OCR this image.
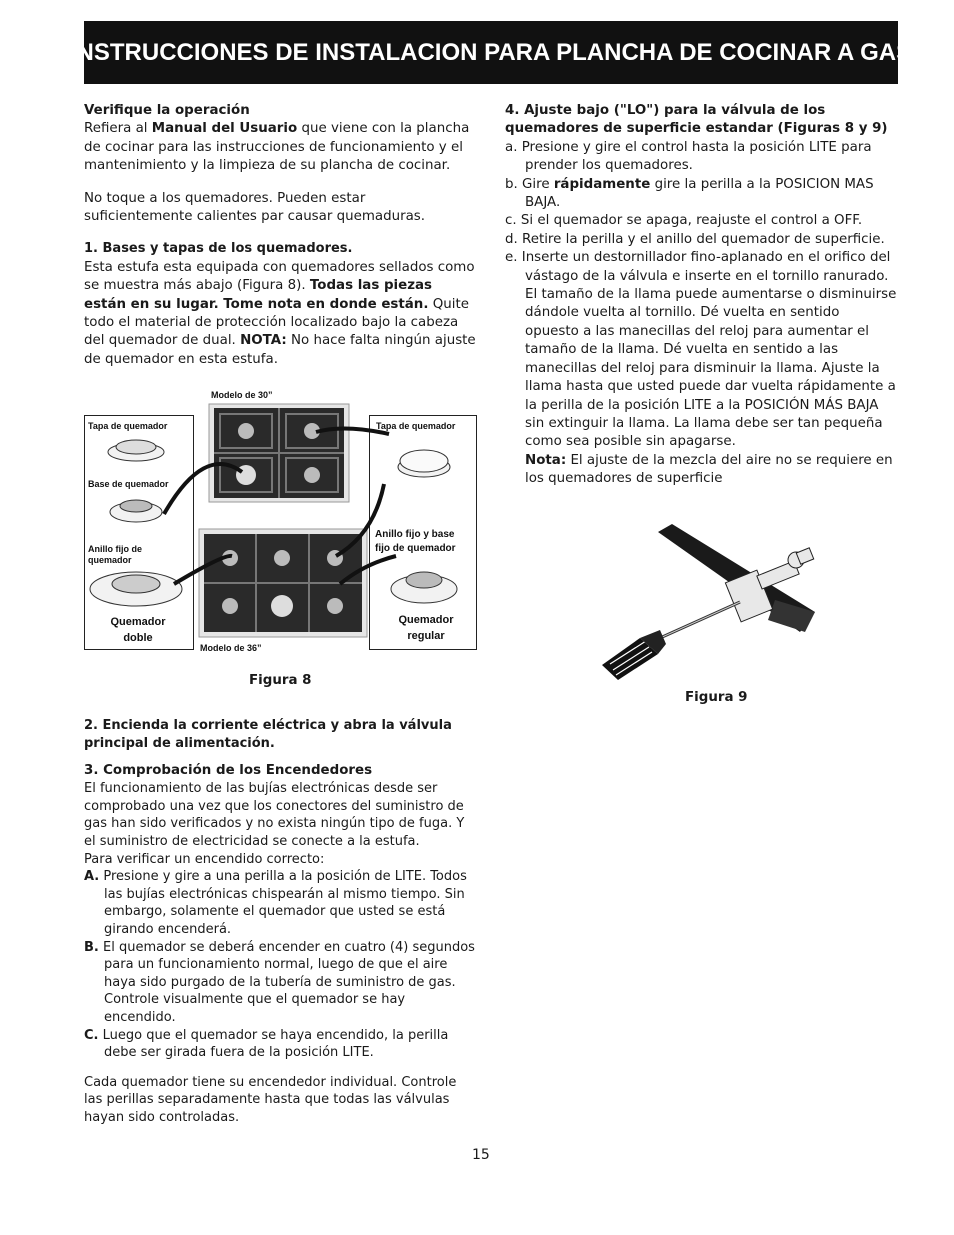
INSTRUCCIONES DE INSTALACION PARA PLANCHA DE COCINAR A GAS

Verifique la operación

Refiera al Manual del Usuario que viene con la plancha de cocinar para las instrucciones de funcionamiento y el mantenimiento y la limpieza de su plancha de cocinar.

No toque a los quemadores. Pueden estar suficientemente calientes par causar quemaduras.

1. Bases y tapas de los quemadores.

Esta estufa esta equipada con quemadores sellados como se muestra más abajo (Figura 8). Todas las piezas están en su lugar. Tome nota en donde están. Quite todo el material de protección localizado bajo la cabeza del quemador de dual. NOTA: No hace falta ningún ajuste de quemador en esta estufa.

Modelo de 30”
Tapa de quemador
Base de quemador
Anillo fijo de
quemador
Quemador
doble
Tapa de quemador
Anillo fijo y base
fijo de quemador
Quemador
regular
Modelo de 36”
Figura 8

2. Encienda la corriente eléctrica y abra la válvula principal de alimentación.

3. Comprobación de los Encendedores

El funcionamiento de las bujías electrónicas desde ser comprobado una vez que los conectores del suministro de gas han sido verificados y no exista ningún tipo de fuga. Y el suministro de electricidad se conecte a la estufa.

Para verificar un encendido correcto:

A. Presione y gire a una perilla a la posición de LITE. Todos las bujías electrónicas chispearán al mismo tiempo. Sin embargo, solamente el quemador que usted se está girando encenderá.

B. El quemador se deberá encender en cuatro (4) segundos para un funcionamiento normal, luego de que el aire haya sido purgado de la tubería de suministro de gas. Controle visualmente que el quemador se hay encendido.

C. Luego que el quemador se haya encendido, la perilla debe ser girada fuera de la posición LITE.

Cada quemador tiene su encendedor individual. Controle las perillas separadamente hasta que todas las válvulas hayan sido controladas.

4. Ajuste bajo ("LO") para la válvula de los quemadores de superficie estandar (Figuras 8 y 9)

a. Presione y gire el control hasta la posición LITE para prender los quemadores.

b. Gire rápidamente gire la perilla a la POSICION MAS BAJA.

c. Si el quemador se apaga, reajuste el control a OFF.

d. Retire la perilla y el anillo del quemador de superficie.

e. Inserte un destornillador fino-aplanado en el orifico del vástago de la válvula e inserte en el tornillo ranurado. El tamaño de la llama puede aumentarse o disminuirse dándole vuelta al tornillo. Dé vuelta en sentido opuesto a las manecillas del reloj para aumentar el tamaño de la llama. Dé vuelta en sentido a las manecillas del reloj para disminuir la llama. Ajuste la llama hasta que usted puede dar vuelta rápidamente a la perilla de la posición LITE a la POSICIÓN MÁS BAJA sin extinguir la llama. La llama debe ser tan pequeña como sea posible sin apagarse.

Nota: El ajuste de la mezcla del aire no se requiere en los quemadores de superficie

Figura 9
15
